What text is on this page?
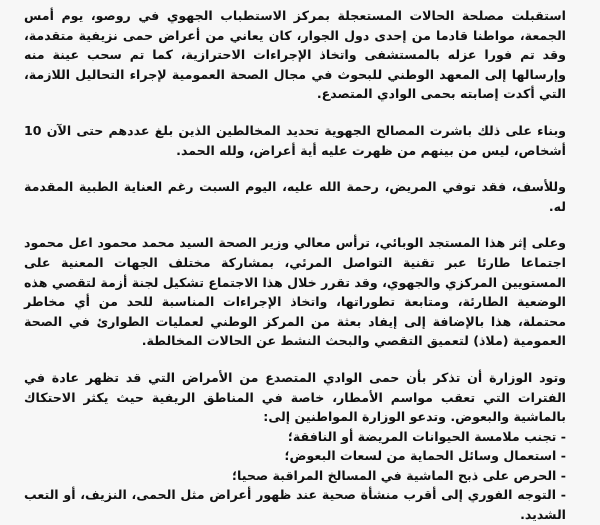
استقبلت مصلحة الحالات المستعجلة بمركز الاستطباب الجهوي في روصو، يوم أمس الجمعة، مواطنا قادما من إحدى دول الجوار، كان يعاني من أعراض حمى نزيفية متقدمة، وقد تم فورا عزله بالمستشفى واتخاذ الإجراءات الاحترازية، كما تم سحب عينة منه وإرسالها إلى المعهد الوطني للبحوث في مجال الصحة العمومية لإجراء التحاليل اللازمة، التي أكدت إصابته بحمى الوادي المتصدع.

وبناء على ذلك باشرت المصالح الجهوية تحديد المخالطين الذين بلغ عددهم حتى الآن 10 أشخاص، ليس من بينهم من ظهرت عليه أية أعراض، ولله الحمد.

وللأسف، فقد توفي المريض، رحمة الله عليه، اليوم السبت رغم العناية الطبية المقدمة له.

وعلى إثر هذا المستجد الوبائي، ترأس معالي وزير الصحة السيد محمد محمود اعل محمود اجتماعا طارئا عبر تقنية التواصل المرئي، بمشاركة مختلف الجهات المعنية على المستويين المركزي والجهوي، وقد تقرر خلال هذا الاجتماع تشكيل لجنة أزمة لتقصي هذه الوضعية الطارئة، ومتابعة تطوراتها، واتخاذ الإجراءات المناسبة للحد من أي مخاطر محتملة، هذا بالإضافة إلى إيفاد بعثة من المركز الوطني لعمليات الطوارئ في الصحة العمومية (ملاذ) لتعميق التقصي والبحث النشط عن الحالات المخالطة.

وتود الوزارة أن تذكر بأن حمى الوادي المتصدع من الأمراض التي قد تظهر عادة في الفترات التي تعقب مواسم الأمطار، خاصة في المناطق الريفية حيث يكثر الاحتكاك بالماشية والبعوض. وتدعو الوزارة المواطنين إلى:

- تجنب ملامسة الحيوانات المريضة أو النافقة؛
- استعمال وسائل الحماية من لسعات البعوض؛
- الحرص على ذبح الماشية في المسالخ المراقبة صحيا؛
- التوجه الفوري إلى أقرب منشأة صحية عند ظهور أعراض مثل الحمى، النزيف، أو التعب الشديد.
